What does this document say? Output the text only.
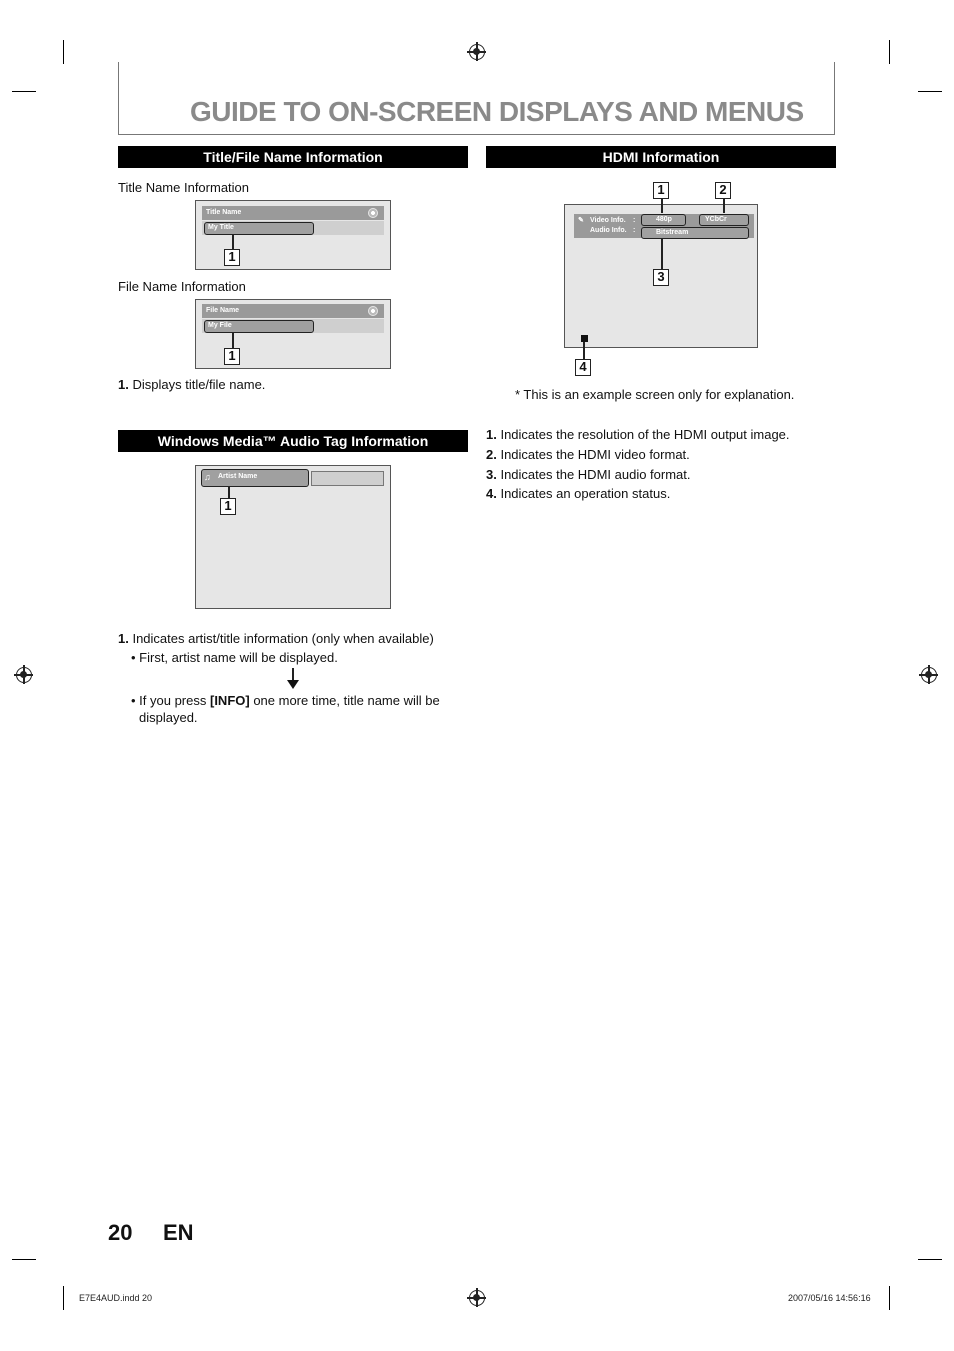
GUIDE TO ON-SCREEN DISPLAYS AND MENUS
Title/File Name Information
Title Name Information
Title Name
My Title
1
File Name Information
File Name
My File
1
1. Displays title/file name.
Windows Media™ Audio Tag Information
♫ Artist Name
1
1. Indicates artist/title information (only when available)
• First, artist name will be displayed.
• If you press [INFO] one more time, title name will be
displayed.
HDMI Information
✎ Video Info. :
Audio Info. :
480p	YCbCr
Bitstream
1	2
3
4
* This is an example screen only for explanation.
1. Indicates the resolution of the HDMI output image.
2. Indicates the HDMI video format.
3. Indicates the HDMI audio format.
4. Indicates an operation status.
20 EN
E7E4AUD.indd 20	2007/05/16 14:56:16
